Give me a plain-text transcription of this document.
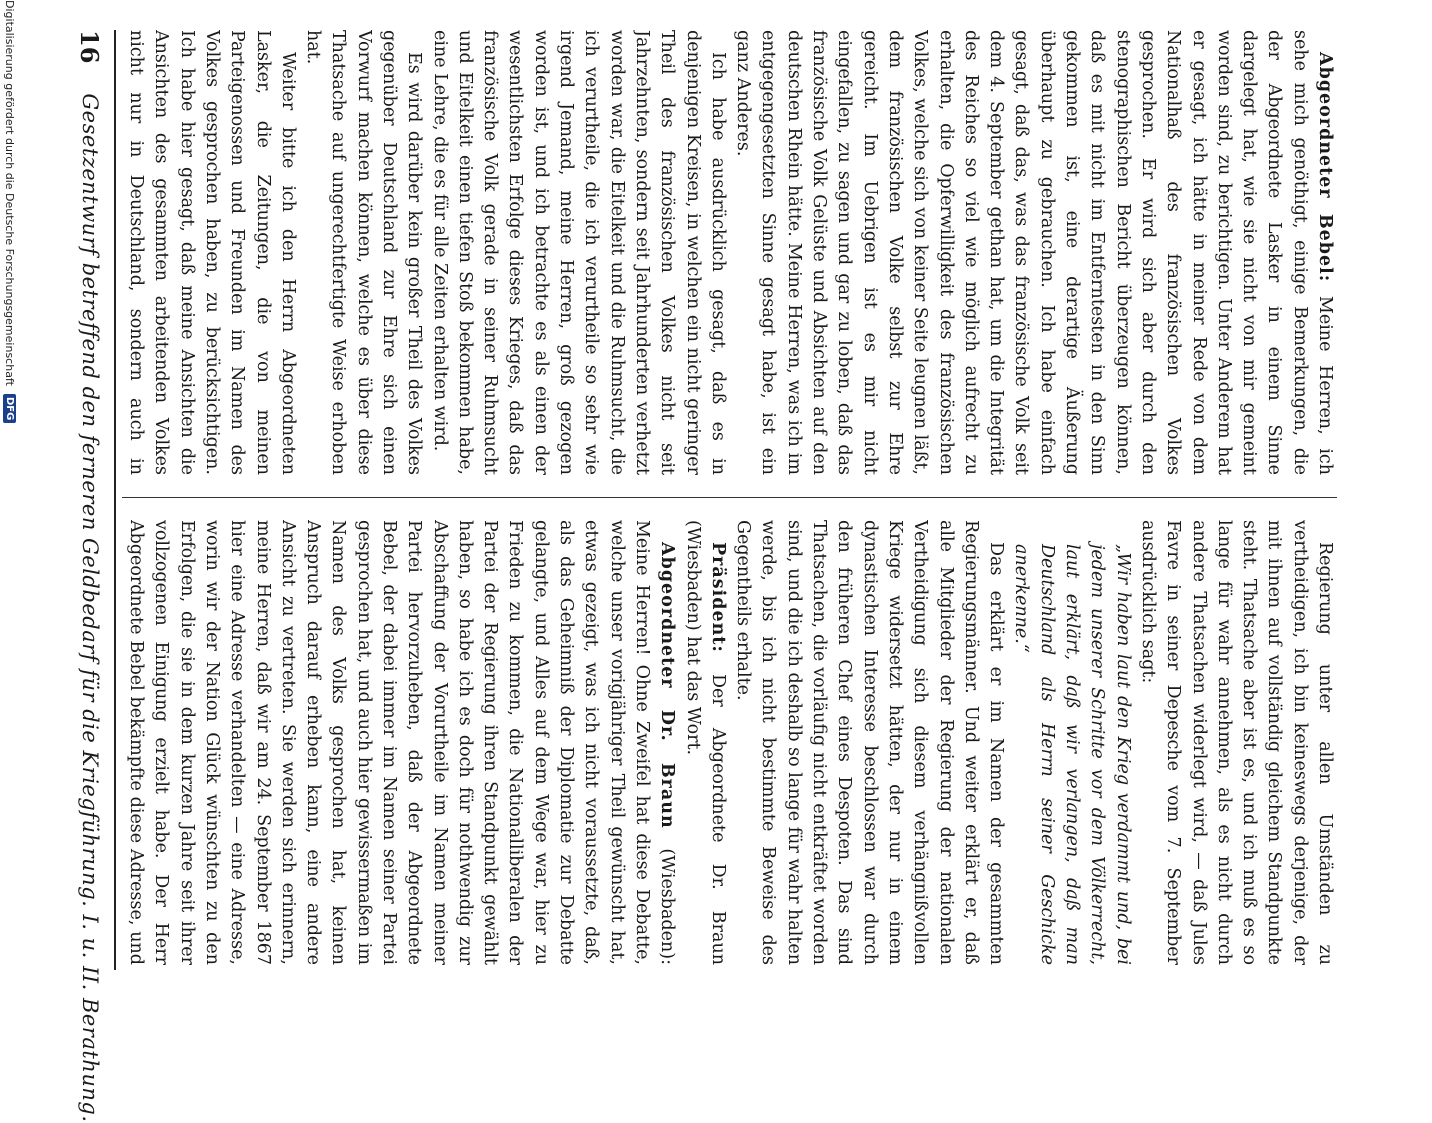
16
Gesetzentwurf betreffend den ferneren Geldbedarf für die Kriegführung. I. u. II. Berathung.	Abgeordneter Bebel: Meine Herren, ich sehe mich genöthigt, einige Bemerkungen, die der Abgeordnete Lasker in einem Sinne dargelegt hat, wie sie nicht von mir gemeint worden sind, zu berichtigen. Unter Anderem hat er gesagt, ich hätte in meiner Rede von dem Nationalhaß des französischen Volkes gesprochen. Er wird sich aber durch den stenographischen Bericht überzeugen können, daß es mit nicht im Entferntesten in den Sinn gekommen ist, eine derartige Äußerung überhaupt zu gebrauchen. Ich habe einfach gesagt, daß das, was das französische Volk seit dem 4. September gethan hat, um die Integrität des Reiches so viel wie möglich aufrecht zu erhalten, die Opferwilligkeit des französischen Volkes, welche sich von keiner Seite leugnen läßt, dem französischen Volke selbst zur Ehre gereicht. Im Uebrigen ist es mir nicht eingefallen, zu sagen und gar zu loben, daß das französische Volk Gelüste und Absichten auf den deutschen Rhein hätte. Meine Herren, was ich im entgegengesetzten Sinne gesagt habe, ist ein ganz Anderes.

Ich habe ausdrücklich gesagt, daß es in denjenigen Kreisen, in welchen ein nicht geringer Theil des französischen Volkes nicht seit Jahrzehnten, sondern seit Jahrhunderten verhetzt worden war, die Eitelkeit und die Ruhmsucht, die ich verurtheile, die ich verurtheile so sehr wie irgend Jemand, meine Herren, groß gezogen worden ist, und ich betrachte es als einen der wesentlichsten Erfolge dieses Krieges, daß das französische Volk gerade in seiner Ruhmsucht und Eitelkeit einen tiefen Stoß bekommen habe, eine Lehre, die es für alle Zeiten erhalten wird.

Es wird darüber kein großer Theil des Volkes gegenüber Deutschland zur Ehre sich einen Vorwurf machen können, welche es über diese Thatsache auf ungerechtfertigte Weise erhoben hat.

Weiter bitte ich den Herrn Abgeordneten Lasker, die Zeitungen, die von meinen Parteigenossen und Freunden im Namen des Volkes gesprochen haben, zu berücksichtigen. Ich habe hier gesagt, daß meine Ansichten die Ansichten des gesammten arbeitenden Volkes nicht nur in Deutschland, sondern auch in

Regierung unter allen Umständen zu vertheidigen, ich bin keineswegs derjenige, der mit ihnen auf vollständig gleichem Standpunkte steht. Thatsache aber ist es, und ich muß es so lange für wahr annehmen, als es nicht durch andere Thatsachen widerlegt wird, — daß Jules Favre in seiner Depesche vom 7. September ausdrücklich sagt:

„Wir haben laut den Krieg verdammt und, bei jedem unserer Schritte vor dem Völkerrecht, laut erklärt, daß wir verlangen, daß man Deutschland als Herrn seiner Geschicke anerkenne.“

Das erklärt er im Namen der gesammten Regierungsmänner. Und weiter erklärt er, daß alle Mitglieder der Regierung der nationalen Vertheidigung sich diesem verhängnißvollen Kriege widersetzt hätten, der nur in einem dynastischen Interesse beschlossen war durch den früheren Chef eines Despoten. Das sind Thatsachen, die vorläufig nicht entkräftet worden sind, und die ich deshalb so lange für wahr halten werde, bis ich nicht bestimmte Beweise des Gegentheils erhalte.

Präsident: Der Abgeordnete Dr. Braun (Wiesbaden) hat das Wort.

Abgeordneter Dr. Braun (Wiesbaden): Meine Herren! Ohne Zweifel hat diese Debatte, welche unser vorigjähriger Theil gewünscht hat, etwas gezeigt, was ich nicht voraussetzte, daß, als das Geheimniß der Diplomatie zur Debatte gelangte, und Alles auf dem Wege war, hier zu Frieden zu kommen, die Nationalliberalen der Partei der Regierung ihren Standpunkt gewählt haben, so habe ich es doch für nothwendig zur Abschaffung der Vorurtheile im Namen meiner Partei hervorzuheben, daß der Abgeordnete Bebel, der dabei immer im Namen seiner Partei gesprochen hat, und auch hier gewissermaßen im Namen des Volks gesprochen hat, keinen Anspruch darauf erheben kann, eine andere Ansicht zu vertreten. Sie werden sich erinnern, meine Herren, daß wir am 24. September 1867 hier eine Adresse verhandelten — eine Adresse, worin wir der Nation Glück wünschten zu den Erfolgen, die sie in dem kurzen Jahre seit ihrer vollzogenen Einigung erzielt habe. Der Herr Abgeordnete Bebel bekämpfte diese Adresse, und

Digitalisierung gefördert durch die Deutsche Forschungsgemeinschaft
DFG
